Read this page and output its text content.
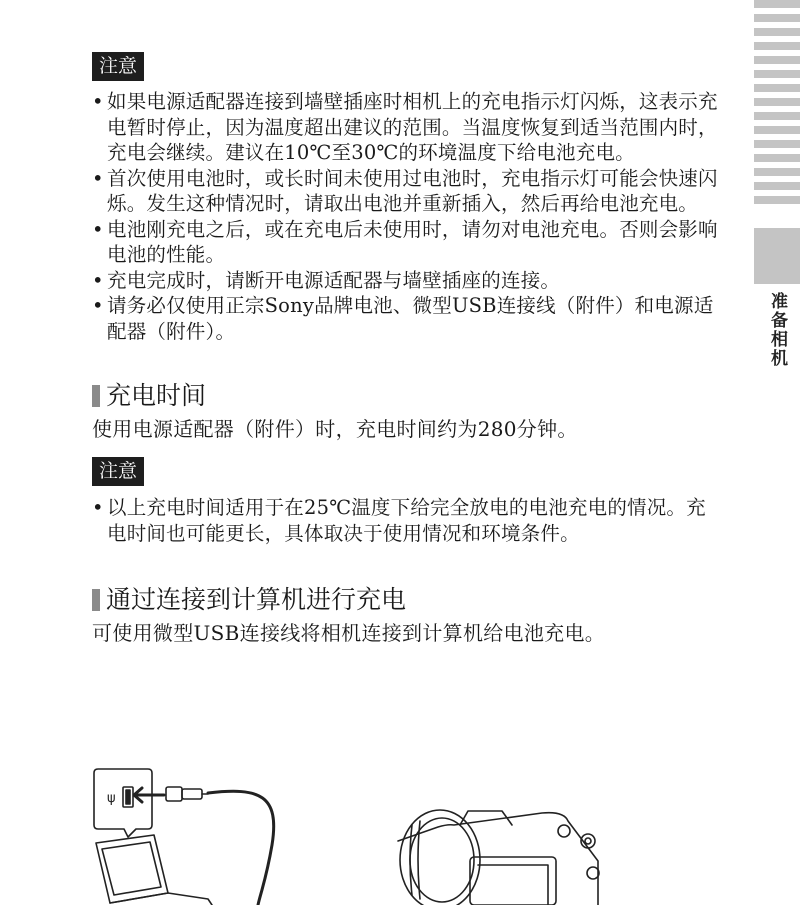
准备相机
注意
• 如果电源适配器连接到墙壁插座时相机上的充电指示灯闪烁，这表示充电暂时停止，因为温度超出建议的范围。当温度恢复到适当范围内时，充电会继续。建议在10℃至30℃的环境温度下给电池充电。
• 首次使用电池时，或长时间未使用过电池时，充电指示灯可能会快速闪烁。发生这种情况时，请取出电池并重新插入，然后再给电池充电。
• 电池刚充电之后，或在充电后未使用时，请勿对电池充电。否则会影响电池的性能。
• 充电完成时，请断开电源适配器与墙壁插座的连接。
• 请务必仅使用正宗Sony品牌电池、微型USB连接线（附件）和电源适配器（附件）。
充电时间

使用电源适配器（附件）时，充电时间约为280分钟。

注意
• 以上充电时间适用于在25℃温度下给完全放电的电池充电的情况。充电时间也可能更长，具体取决于使用情况和环境条件。
通过连接到计算机进行充电

可使用微型USB连接线将相机连接到计算机给电池充电。

ψ
